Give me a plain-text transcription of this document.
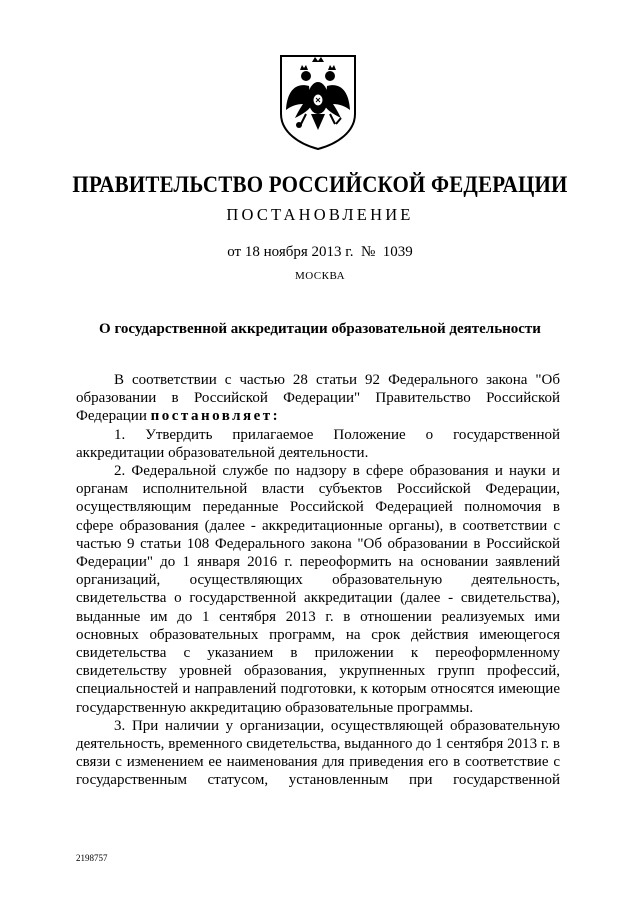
ПРАВИТЕЛЬСТВО РОССИЙСКОЙ ФЕДЕРАЦИИ
ПОСТАНОВЛЕНИЕ
от 18 ноября 2013 г.  №  1039
МОСКВА
О государственной аккредитации образовательной деятельности

В соответствии с частью 28 статьи 92 Федерального закона "Об образовании в Российской Федерации" Правительство Российской Федерации постановляет:

1. Утвердить прилагаемое Положение о государственной аккредитации образовательной деятельности.

2. Федеральной службе по надзору в сфере образования и науки и органам исполнительной власти субъектов Российской Федерации, осуществляющим переданные Российской Федерацией полномочия в сфере образования (далее - аккредитационные органы), в соответствии с частью 9 статьи 108 Федерального закона "Об образовании в Российской Федерации" до 1 января 2016 г. переоформить на основании заявлений организаций, осуществляющих образовательную деятельность, свидетельства о государственной аккредитации (далее - свидетельства), выданные им до 1 сентября 2013 г. в отношении реализуемых ими основных образовательных программ, на срок действия имеющегося свидетельства с указанием в приложении к переоформленному свидетельству уровней образования, укрупненных групп профессий, специальностей и направлений подготовки, к которым относятся имеющие государственную аккредитацию образовательные программы.

3. При наличии у организации, осуществляющей образовательную деятельность, временного свидетельства, выданного до 1 сентября 2013 г. в связи с изменением ее наименования для приведения его в соответствие с государственным статусом, установленным при государственной

2198757
